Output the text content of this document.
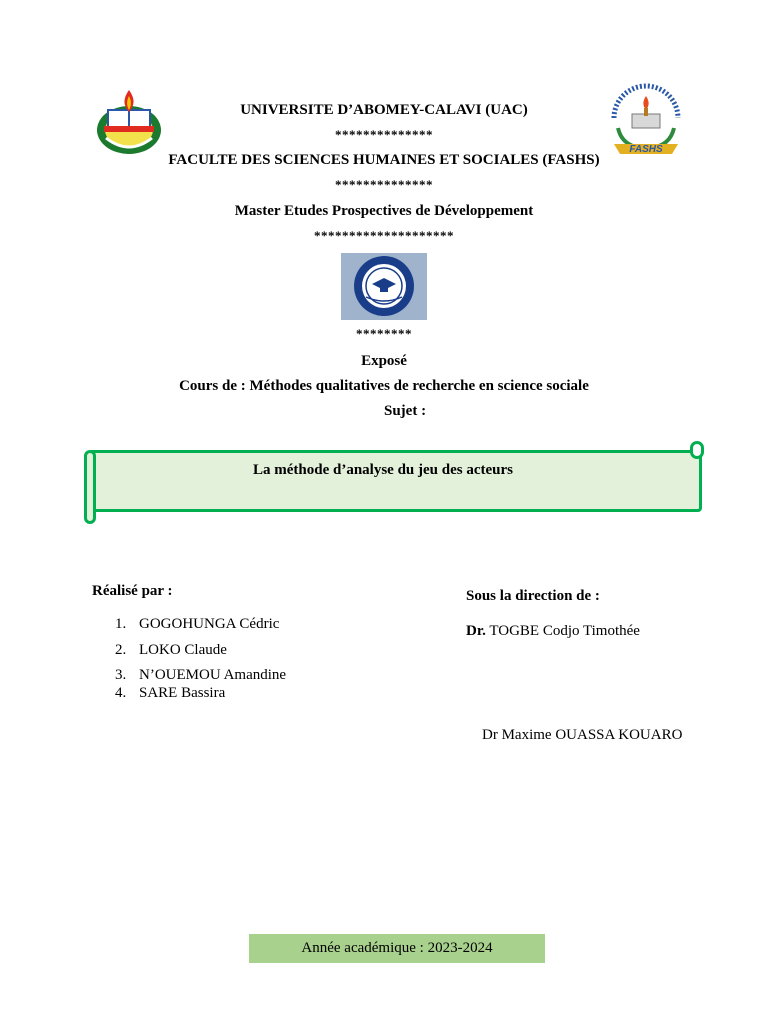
FASHS
UNIVERSITE D’ABOMEY-CALAVI (UAC)
**************
FACULTE DES SCIENCES HUMAINES ET SOCIALES (FASHS)
**************
Master Etudes Prospectives de Développement
********************
********
Exposé
Cours de : Méthodes qualitatives de recherche en science sociale
Sujet :
La méthode d’analyse du jeu des acteurs
Réalisé par :
1. GOGOHUNGA Cédric
2. LOKO Claude
3. N’OUEMOU Amandine
4. SARE Bassira
Sous la direction de :
Dr. TOGBE Codjo Timothée
Dr Maxime OUASSA KOUARO
Année académique : 2023-2024
